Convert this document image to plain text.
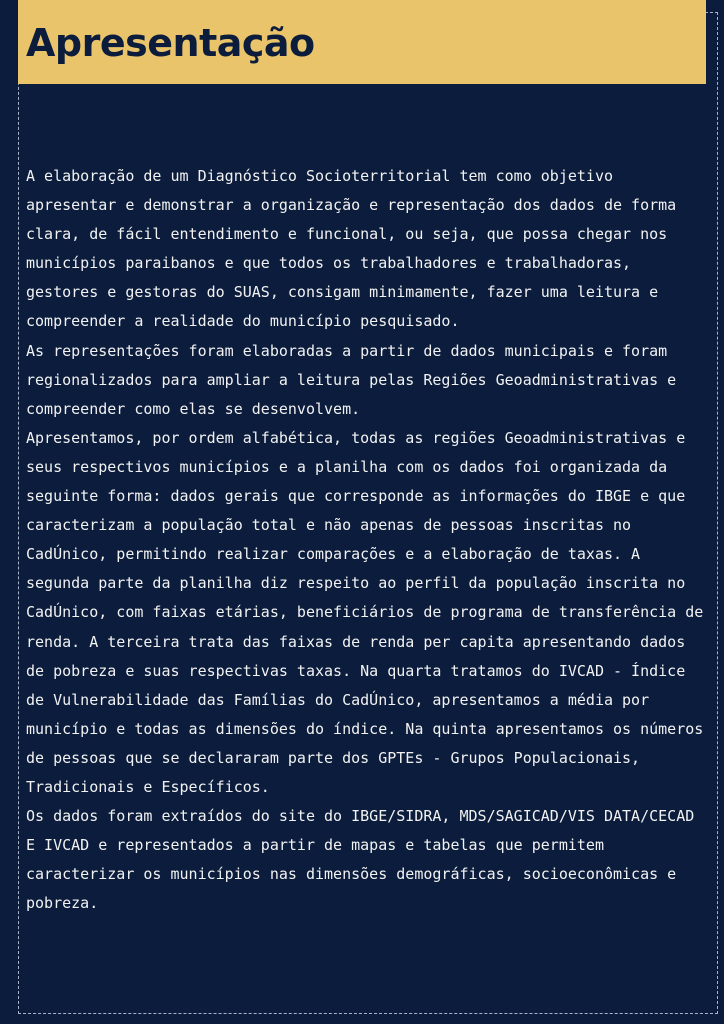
Apresentação

A elaboração de um Diagnóstico Socioterritorial tem como objetivo apresentar e demonstrar a organização e representação dos dados de forma clara, de fácil entendimento e funcional, ou seja, que possa chegar nos municípios paraibanos e que todos os trabalhadores e trabalhadoras, gestores e gestoras do SUAS, consigam minimamente, fazer uma leitura e compreender a realidade do município pesquisado.

As representações foram elaboradas a partir de dados municipais e foram regionalizados para ampliar a leitura pelas Regiões Geoadministrativas e compreender como elas se desenvolvem.

Apresentamos, por ordem alfabética, todas as regiões Geoadministrativas e seus respectivos municípios e a planilha com os dados foi organizada da seguinte forma: dados gerais que corresponde as informações do IBGE e que caracterizam a população total e não apenas de pessoas inscritas no CadÚnico, permitindo realizar comparações e a elaboração de taxas. A segunda parte da planilha diz respeito ao perfil da população inscrita no CadÚnico, com faixas etárias, beneficiários de programa de transferência de renda. A terceira trata das faixas de renda per capita apresentando dados de pobreza e suas respectivas taxas. Na quarta tratamos do IVCAD - Índice de Vulnerabilidade das Famílias do CadÚnico, apresentamos a média por município e todas as dimensões do índice. Na quinta apresentamos os números de pessoas que se declararam parte dos GPTEs - Grupos Populacionais, Tradicionais e Específicos.

Os dados foram extraídos do site do IBGE/SIDRA, MDS/SAGICAD/VIS DATA/CECAD E IVCAD e representados a partir de mapas e tabelas que permitem caracterizar os municípios nas dimensões demográficas, socioeconômicas e pobreza.
